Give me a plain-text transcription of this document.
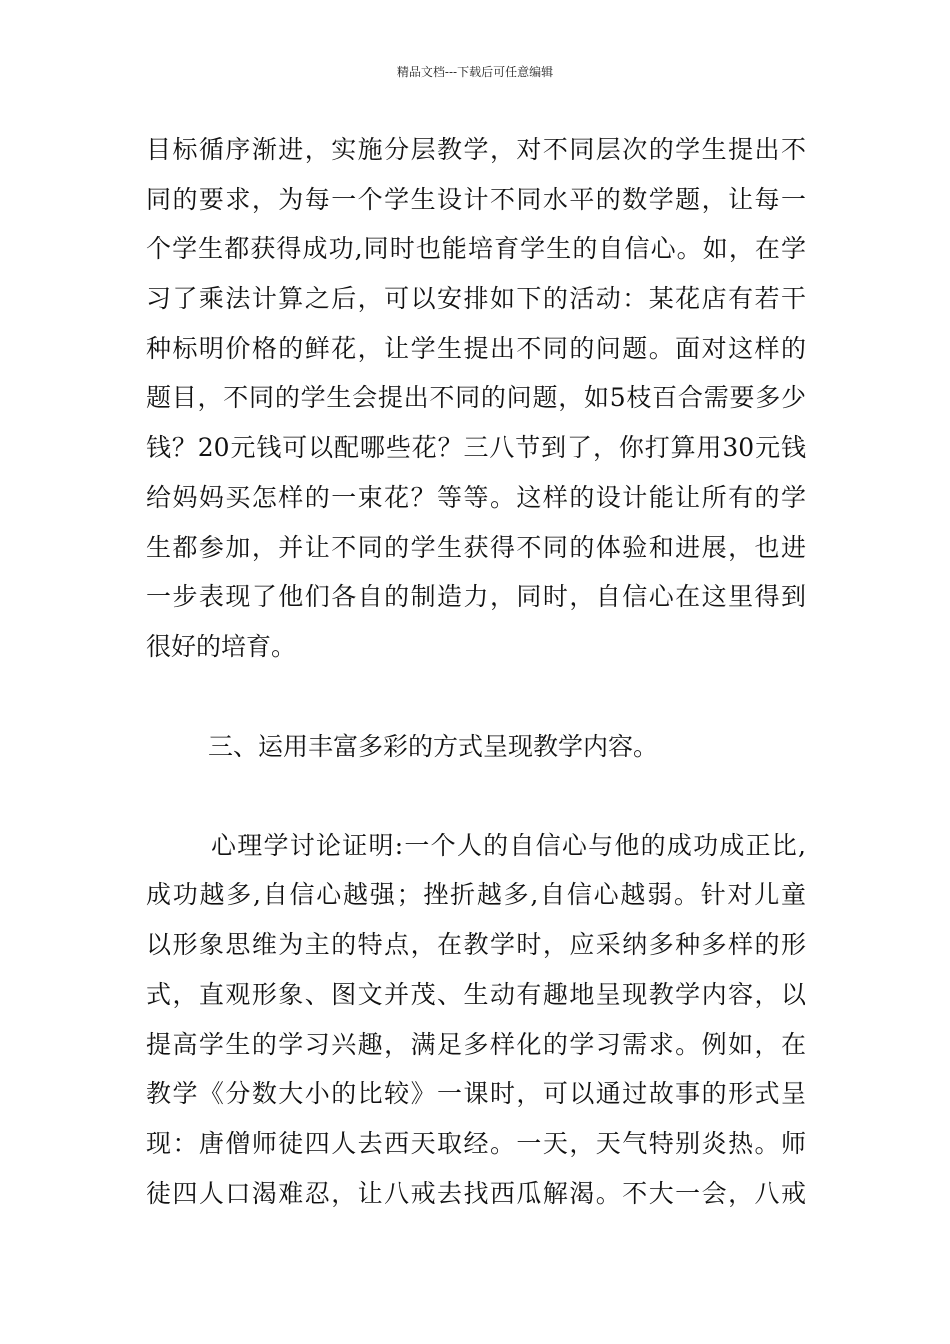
精品文档---下载后可任意编辑
目标循序渐进，实施分层教学，对不同层次的学生提出不
同的要求，为每一个学生设计不同水平的数学题，让每一
个学生都获得成功,同时也能培育学生的自信心。如，在学
习了乘法计算之后，可以安排如下的活动：某花店有若干
种标明价格的鲜花，让学生提出不同的问题。面对这样的
题目，不同的学生会提出不同的问题，如5枝百合需要多少
钱？20元钱可以配哪些花？三八节到了，你打算用30元钱
给妈妈买怎样的一束花？等等。这样的设计能让所有的学
生都参加，并让不同的学生获得不同的体验和进展，也进
一步表现了他们各自的制造力，同时，自信心在这里得到
很好的培育。
三、运用丰富多彩的方式呈现教学内容。
心理学讨论证明:一个人的自信心与他的成功成正比,
成功越多,自信心越强；挫折越多,自信心越弱。针对儿童
以形象思维为主的特点，在教学时，应采纳多种多样的形
式，直观形象、图文并茂、生动有趣地呈现教学内容，以
提高学生的学习兴趣，满足多样化的学习需求。例如，在
教学《分数大小的比较》一课时，可以通过故事的形式呈
现：唐僧师徒四人去西天取经。一天，天气特别炎热。师
徒四人口渴难忍，让八戒去找西瓜解渴。不大一会，八戒
